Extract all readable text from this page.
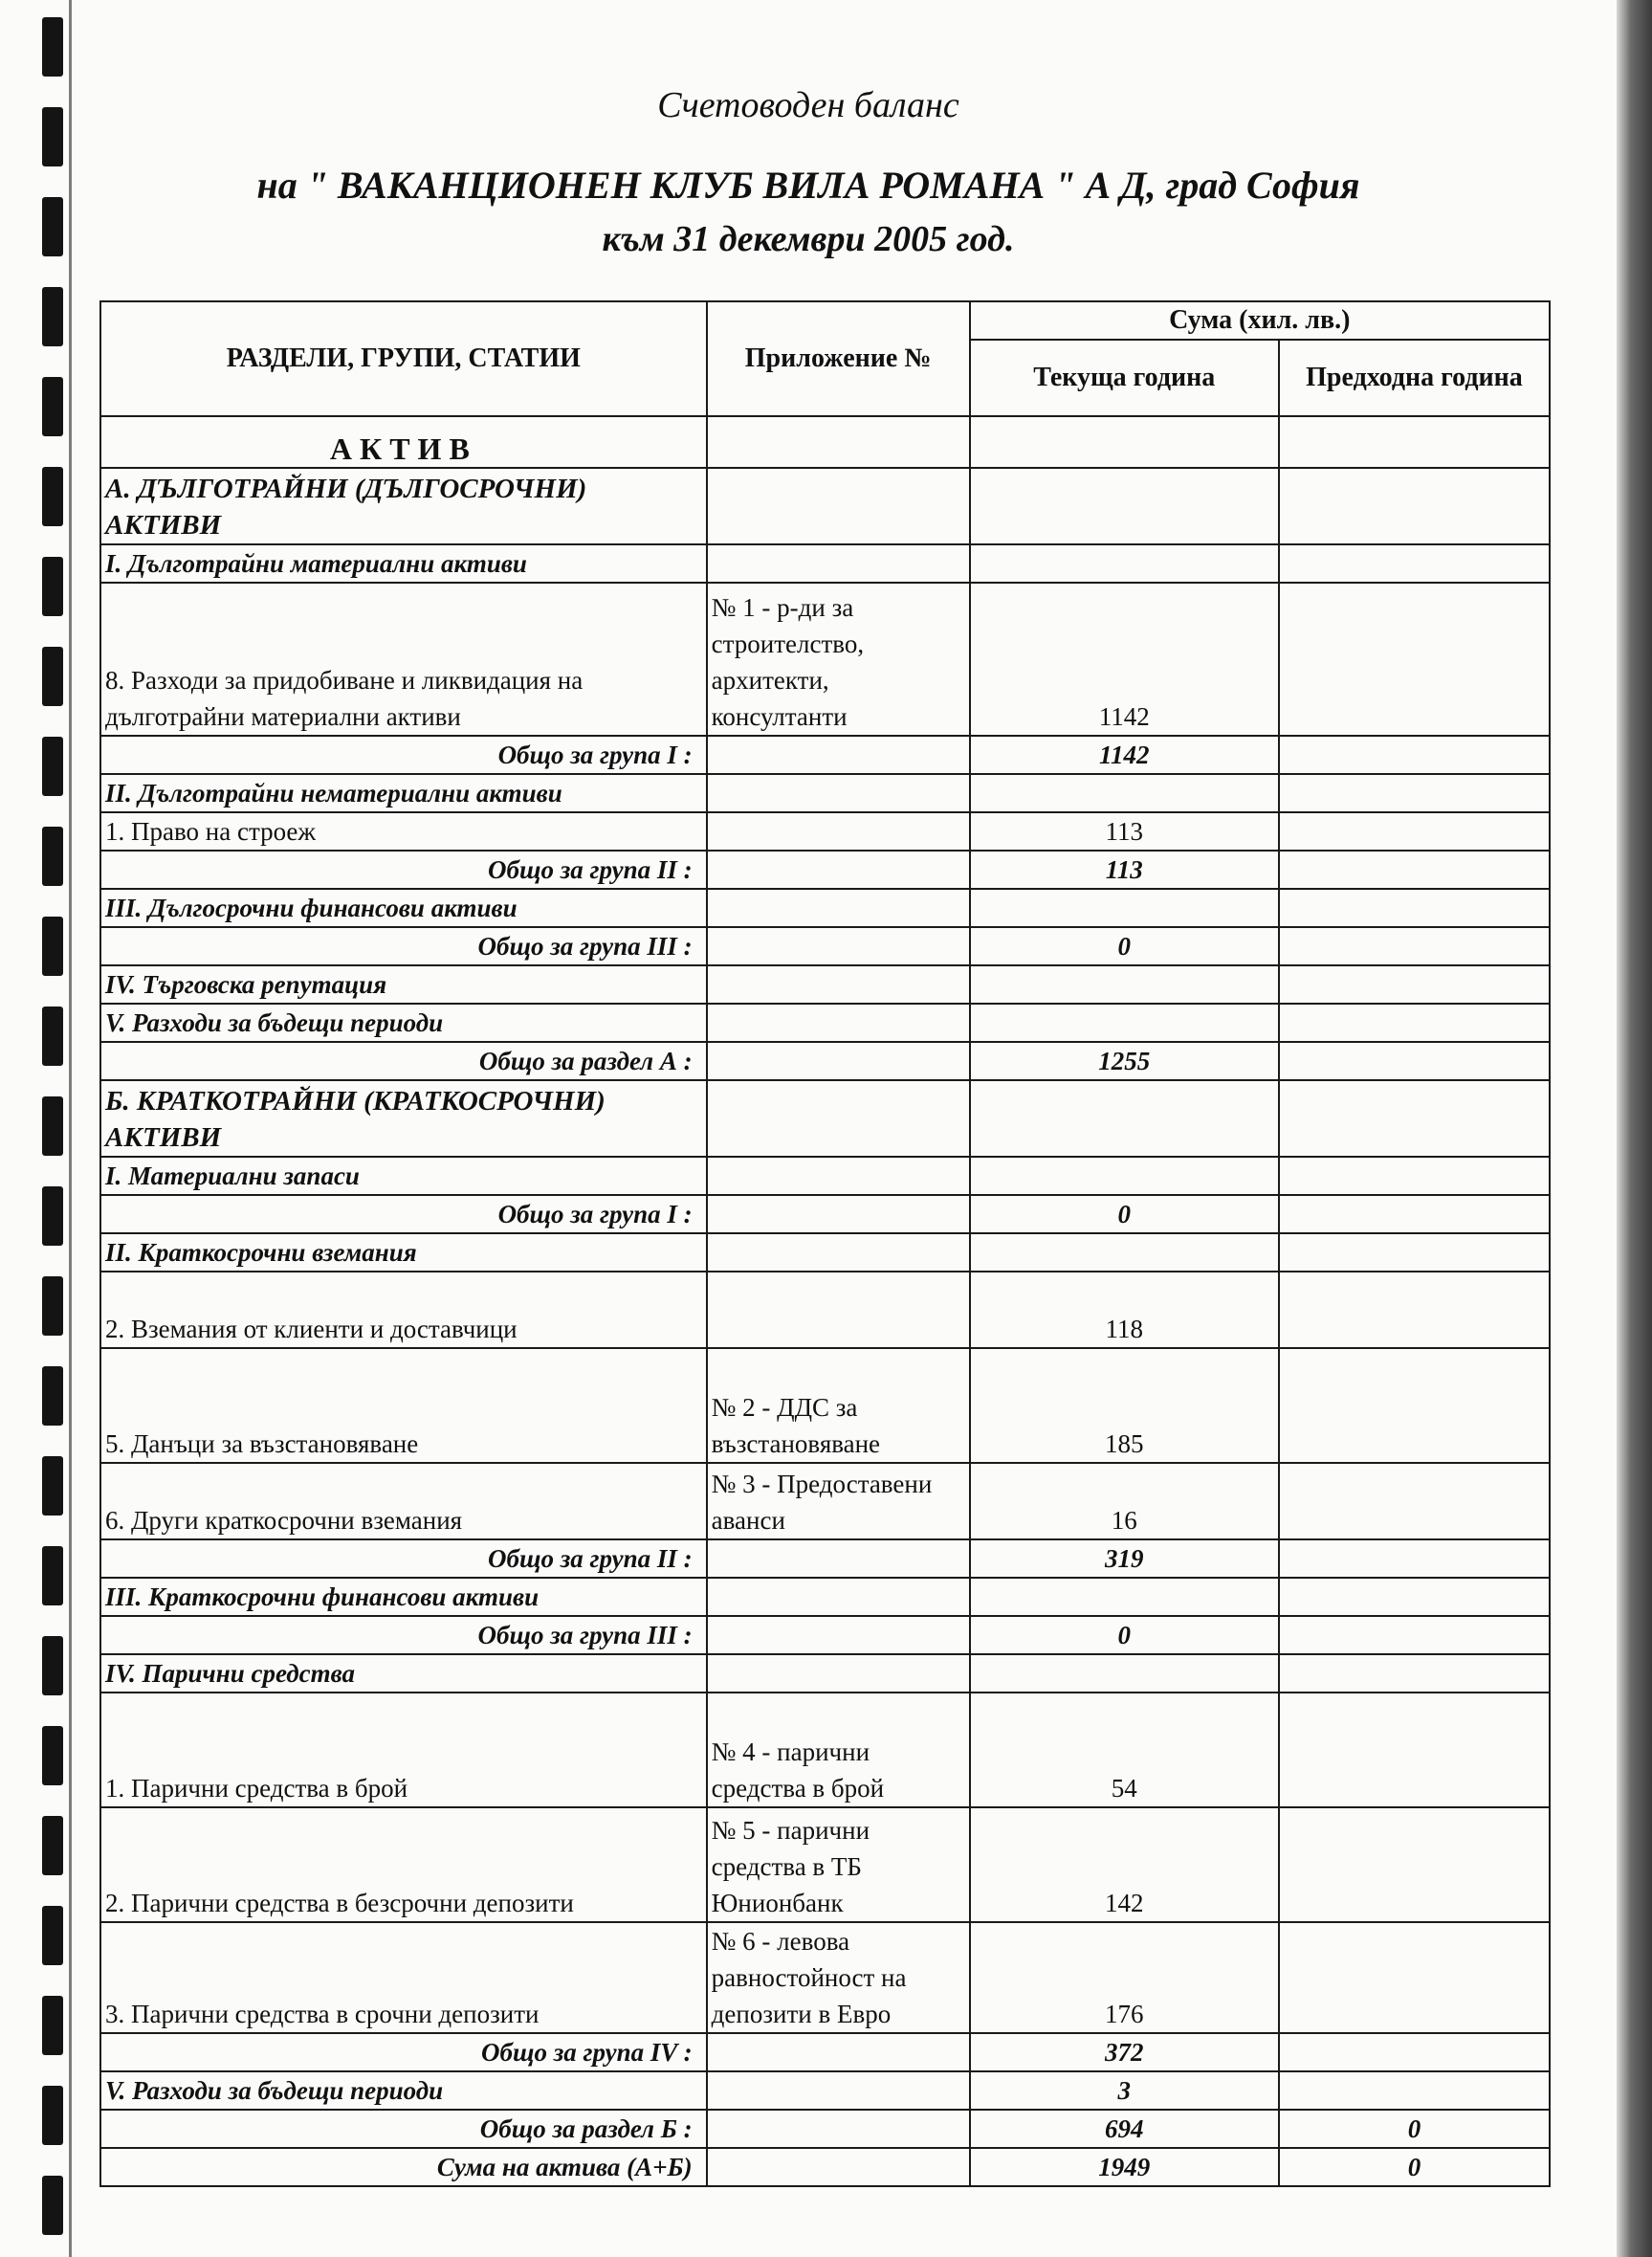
Счетоводен баланс
на " ВАКАНЦИОНЕН КЛУБ ВИЛА РОМАНА " А Д, град София
към 31 декември 2005 год.
РАЗДЕЛИ, ГРУПИ, СТАТИИ	Приложение №	Сума (хил. лв.)	
		Текуща година	Предходна година
АКТИВ			
А. ДЪЛГОТРАЙНИ (ДЪЛГОСРОЧНИ) АКТИВИ			
I. Дълготрайни материални активи			
8. Разходи за придобиване и ликвидация на дълготрайни материални активи	№ 1 - р-ди за строителство, архитекти, консултанти	1142	
Общо за група I :		1142	
II. Дълготрайни нематериални активи			
1. Право на строеж		113	
Общо за група II :		113	
III. Дългосрочни финансови активи			
Общо за група III :		0	
IV. Търговска репутация			
V. Разходи за бъдещи периоди			
Общо за раздел А :		1255	
Б. КРАТКОТРАЙНИ (КРАТКОСРОЧНИ) АКТИВИ			
I. Материални запаси			
Общо за група I :		0	
II. Краткосрочни вземания			
2. Вземания от клиенти и доставчици		118	
5. Данъци за възстановяване	№ 2 - ДДС за възстановяване	185	
6. Други краткосрочни вземания	№ 3 - Предоставени аванси	16	
Общо за група II :		319	
III. Краткосрочни финансови активи			
Общо за група III :		0	
IV. Парични средства			
1. Парични средства в брой	№ 4 - парични средства в брой	54	
2. Парични средства в безсрочни депозити	№ 5 - парични средства в ТБ Юнионбанк	142	
3. Парични средства в срочни депозити	№ 6 - левова равностойност на депозити в Евро	176	
Общо за група IV :		372	
V. Разходи за бъдещи периоди		3	
Общо за раздел Б :		694	0
Сума на актива (А+Б)		1949	0
